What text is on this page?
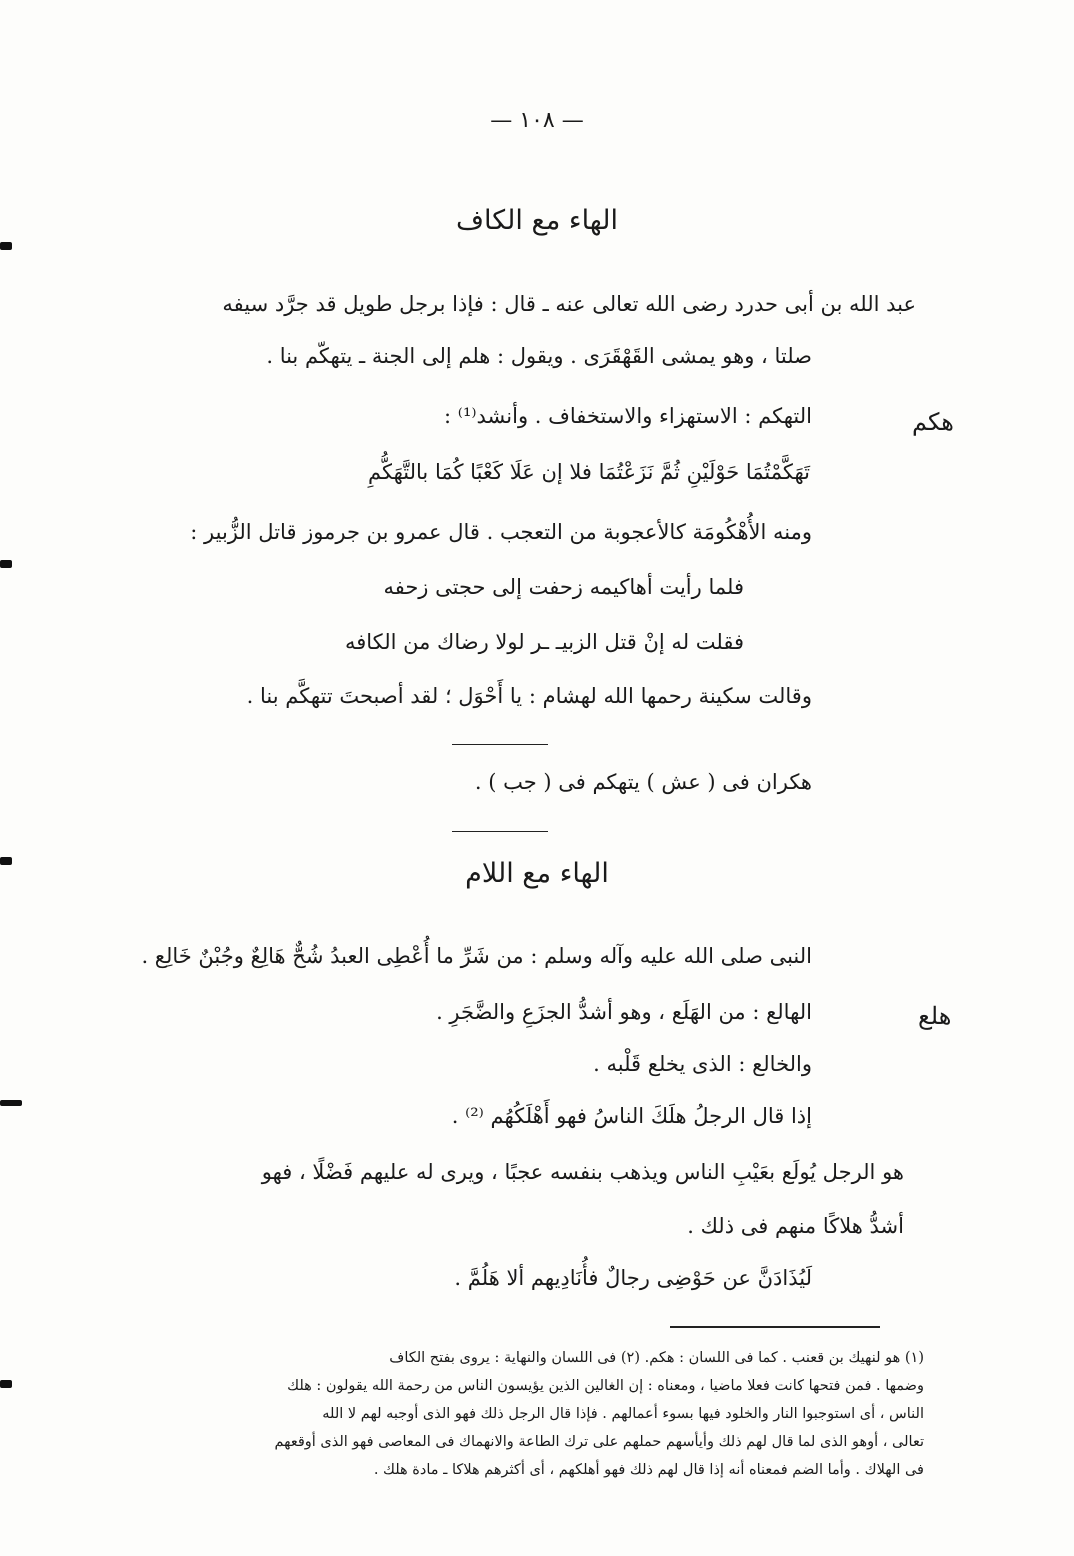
— ١٠٨ —
الهاء مع الكاف
هكم
عبد الله بن أبى حدرد رضى الله تعالى عنه ـ قال : فإذا برجل طويل قد جرَّد سيفه
صلتا ، وهو يمشى القَهْقَرَى . ويقول : هلم إلى الجنة ـ يتهكّم بنا .
التهكم : الاستهزاء والاستخفاف . وأنشد⁽¹⁾ :
تَهَكَّمْتُمَا حَوْلَيْنِ ثُمَّ نَزَعْتُمَا فلا إن عَلَا كَعْبًا كُمَا بالتَّهَكُّمِ
ومنه الأُهْكُومَة كالأعجوبة من التعجب . قال عمرو بن جرموز قاتل الزُّبير :
فلما رأيت أهاكيمه زحفت إلى حجتى زحفه
فقلت له إنْ قتل الزبيـ ـر لولا رضاك من الكافه
وقالت سكينة رحمها الله لهشام : يا أَحْوَل ؛ لقد أصبحتَ تتهكَّم بنا .
هكران فى ( عش ) يتهكم فى ( جب ) .
الهاء مع اللام
هلع
النبى صلى الله عليه وآله وسلم : من شَرِّ ما أُعْطِى العبدُ شُحٌّ هَالِعٌ وجُبْنٌ خَالِع .
الهالع : من الهَلَع ، وهو أشدُّ الجزَعِ والضَّجَرِ .
والخالع : الذى يخلع قَلْبه .
إذا قال الرجلُ هلَكَ الناسُ فهو أَهْلَكُهُم ⁽²⁾ .
هو الرجل يُولَع بعَيْبِ الناس ويذهب بنفسه عجبًا ، ويرى له عليهم فَضْلًا ، فهو
أشدُّ هلاكًا منهم فى ذلك .
لَيُذَادَنَّ عن حَوْضِى رجالٌ فأُنَادِيهم ألا هَلُمَّ .
(١) هو لنهيك بن قعنب . كما فى اللسان : هكم. (٢) فى اللسان والنهاية : يروى بفتح الكاف
وضمها . فمن فتحها كانت فعلا ماضيا ، ومعناه : إن الغالين الذين يؤيسون الناس من رحمة الله يقولون : هلك
الناس ، أى استوجبوا النار والخلود فيها بسوء أعمالهم . فإذا قال الرجل ذلك فهو الذى أوجبه لهم لا الله
تعالى ، أوهو الذى لما قال لهم ذلك وأيأسهم حملهم على ترك الطاعة والانهماك فى المعاصى فهو الذى أوقعهم
فى الهلاك . وأما الضم فمعناه أنه إذا قال لهم ذلك فهو أهلكهم ، أى أكثرهم هلاكا ـ مادة هلك .
